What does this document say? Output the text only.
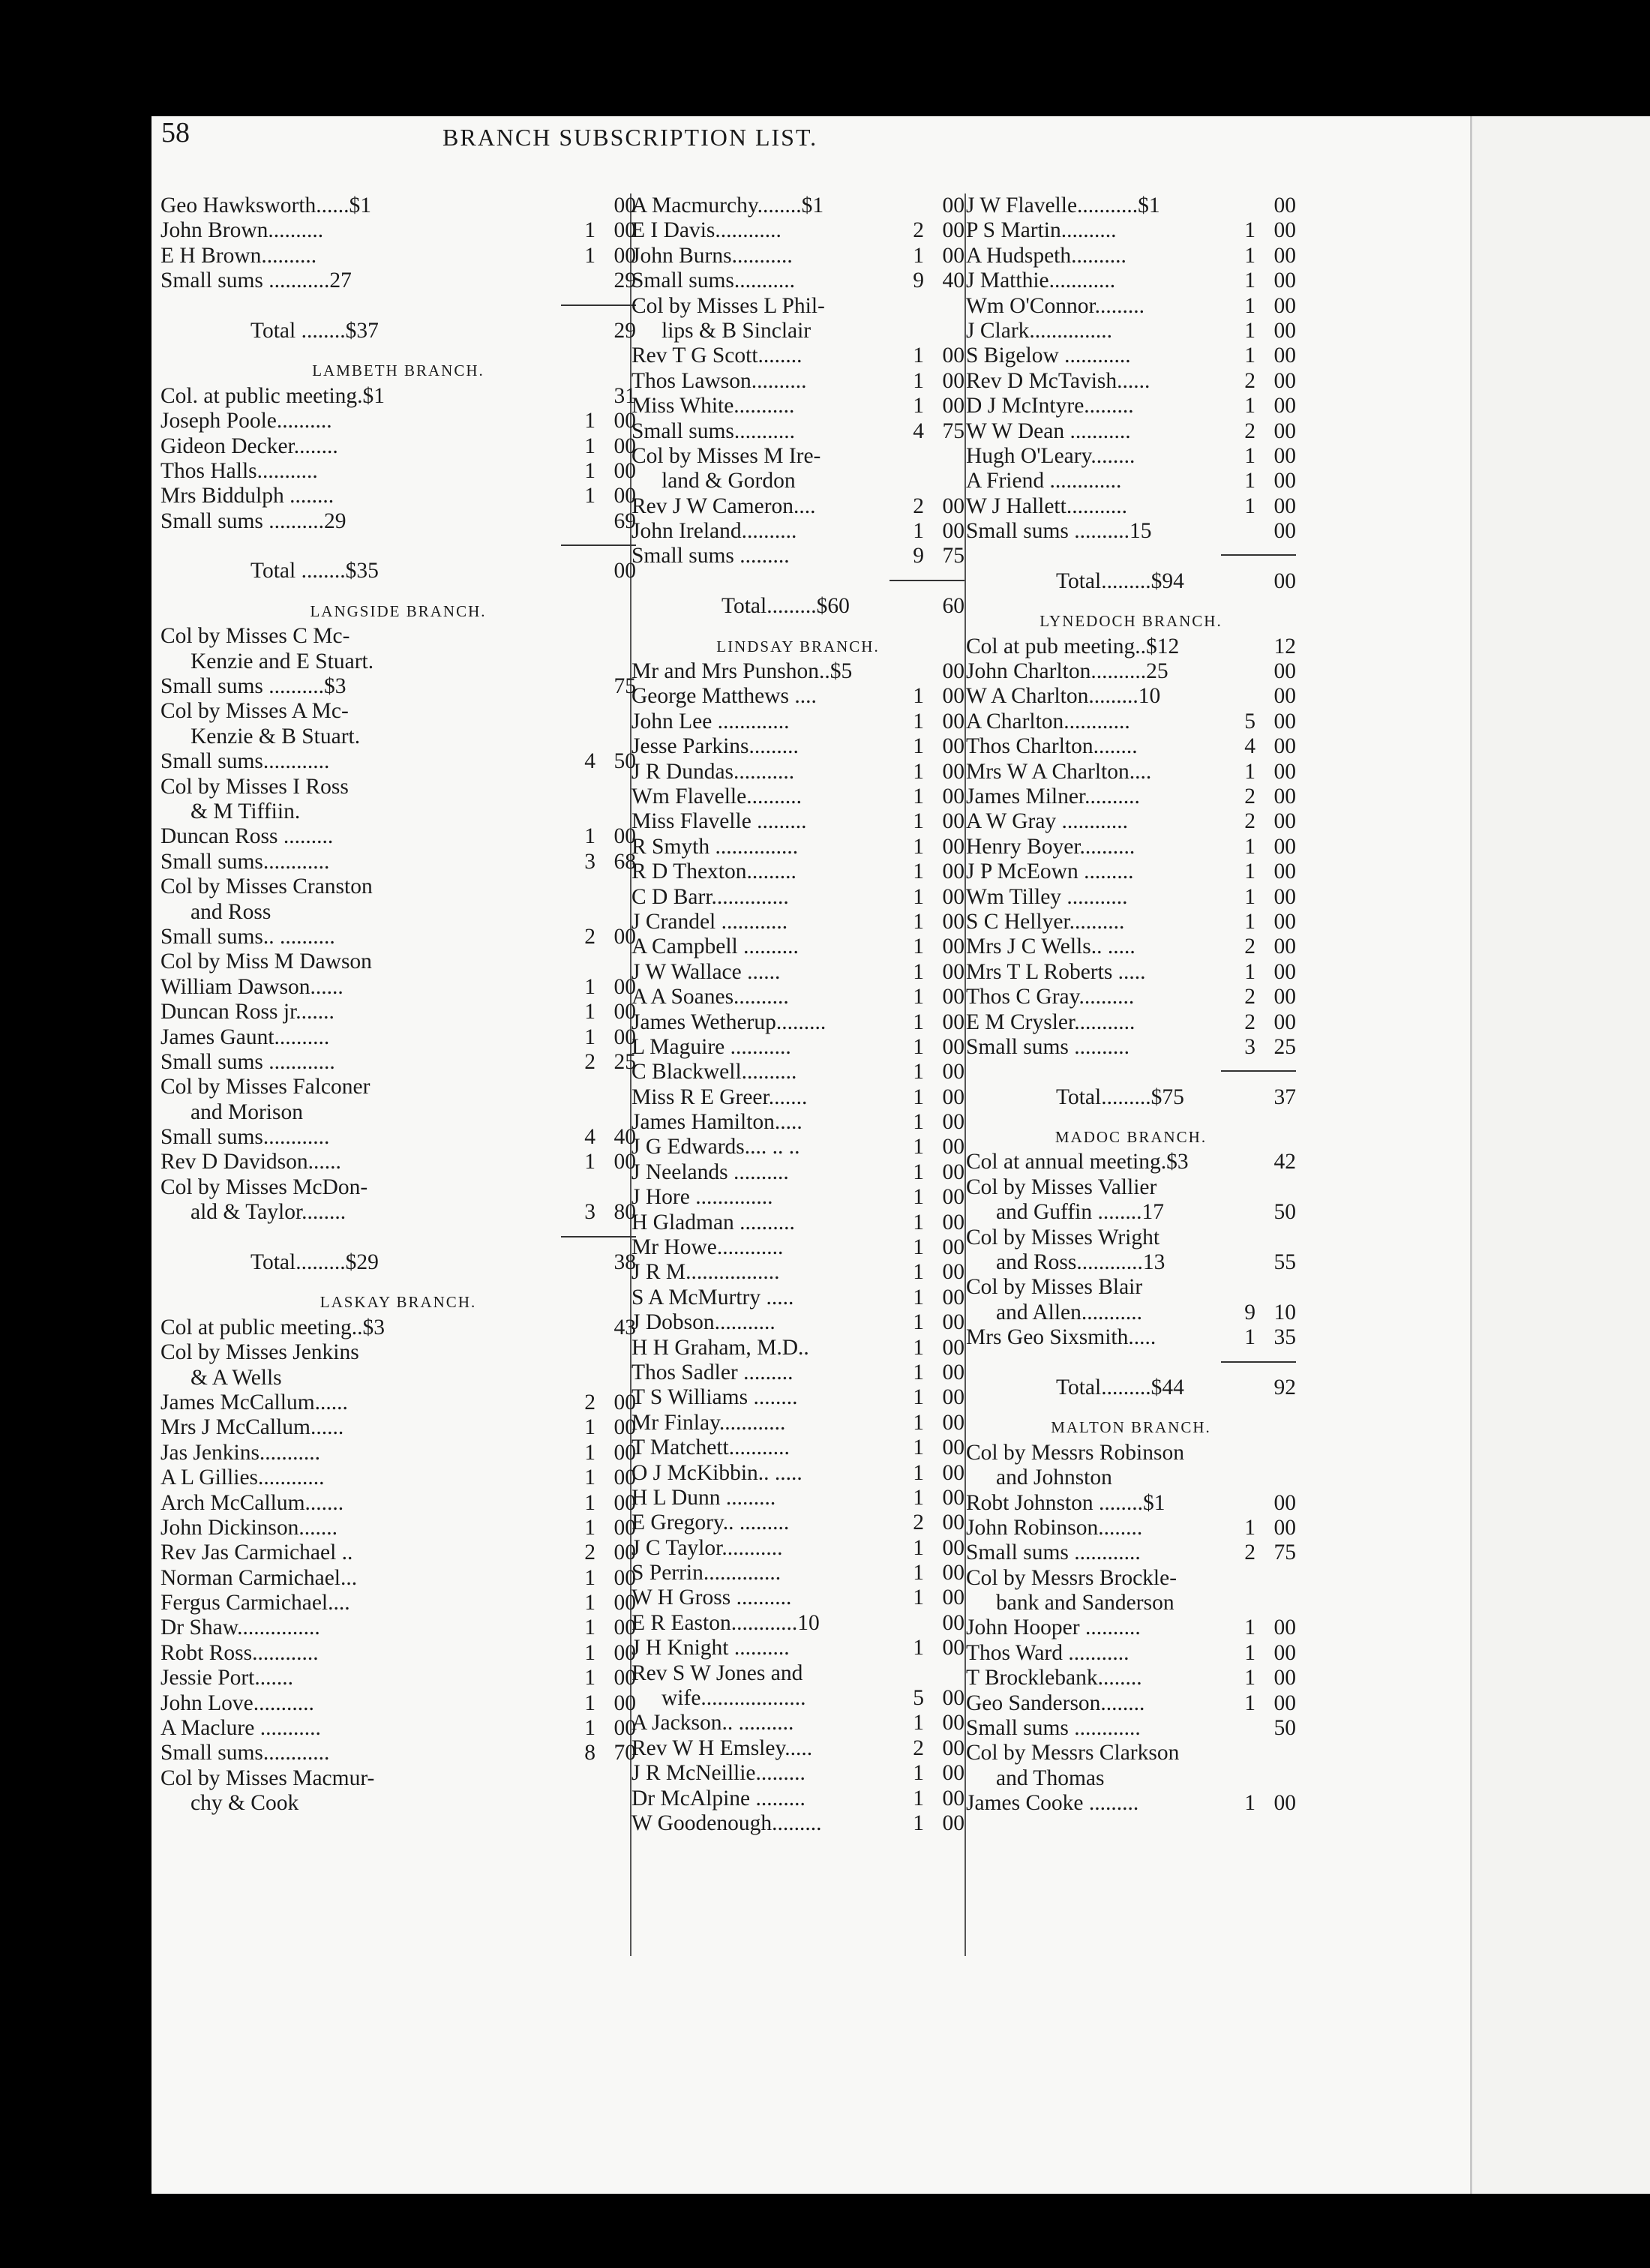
58	BRANCH SUBSCRIPTION LIST.
Geo Hawksworth......$1	00
John Brown..........	1 00
E H Brown..........	1 00
Small sums ...........27	29
Total ........$37	29
LAMBETH BRANCH.
Col. at public meeting.$1	31
Joseph Poole..........	1 00
Gideon Decker........	1 00
Thos Halls...........	1 00
Mrs Biddulph ........	1 00
Small sums ..........29	69
Total ........$35	00
LANGSIDE BRANCH.
Col by Misses C Mc-
Kenzie and E Stuart.
Small sums ..........$3	75
Col by Misses A Mc-
Kenzie & B Stuart.
Small sums............	4 50
Col by Misses I Ross
& M Tiffiin.
Duncan Ross .........	1 00
Small sums............	3 68
Col by Misses Cranston
and Ross
Small sums.. ..........	2 00
Col by Miss M Dawson
William Dawson......	1 00
Duncan Ross jr.......	1 00
James Gaunt..........	1 00
Small sums ............	2 25
Col by Misses Falconer
and Morison
Small sums............	4 40
Rev D Davidson......	1 00
Col by Misses McDon-
ald & Taylor........	3 80
Total.........$29	38
LASKAY BRANCH.
Col at public meeting..$3	43
Col by Misses Jenkins
& A Wells
James McCallum......	2 00
Mrs J McCallum......	1 00
Jas Jenkins...........	1 00
A L Gillies............	1 00
Arch McCallum.......	1 00
John Dickinson.......	1 00
Rev Jas Carmichael ..	2 00
Norman Carmichael...	1 00
Fergus Carmichael....	1 00
Dr Shaw...............	1 00
Robt Ross............	1 00
Jessie Port.......	1 00
John Love...........	1 00
A Maclure ...........	1 00
Small sums............	8 70
Col by Misses Macmur-
chy & Cook
A Macmurchy........$1	00
E I Davis............	2 00
John Burns...........	1 00
Small sums...........	9 40
Col by Misses L Phil-
lips & B Sinclair
Rev T G Scott........	1 00
Thos Lawson..........	1 00
Miss White...........	1 00
Small sums...........	4 75
Col by Misses M Ire-
land & Gordon
Rev J W Cameron....	2 00
John Ireland..........	1 00
Small sums .........	9 75
Total.........$60	60
LINDSAY BRANCH.
Mr and Mrs Punshon..$5	00
George Matthews ....	1 00
John Lee .............	1 00
Jesse Parkins.........	1 00
J R Dundas...........	1 00
Wm Flavelle..........	1 00
Miss Flavelle .........	1 00
R Smyth ...............	1 00
R D Thexton.........	1 00
C D Barr..............	1 00
J Crandel ............	1 00
A Campbell ..........	1 00
J W Wallace ......	1 00
A A Soanes..........	1 00
James Wetherup.........	1 00
L Maguire ...........	1 00
C Blackwell..........	1 00
Miss R E Greer.......	1 00
James Hamilton.....	1 00
J G Edwards.... .. ..	1 00
J Neelands ..........	1 00
J Hore ..............	1 00
H Gladman ..........	1 00
Mr Howe............	1 00
J R M.................	1 00
S A McMurtry .....	1 00
J Dobson...........	1 00
H H Graham, M.D..	1 00
Thos Sadler .........	1 00
T S Williams ........	1 00
Mr Finlay............	1 00
T Matchett...........	1 00
O J McKibbin.. .....	1 00
H L Dunn .........	1 00
E Gregory.. .........	2 00
J C Taylor...........	1 00
S Perrin..............	1 00
W H Gross ..........	1 00
E R Easton............10	00
J H Knight ..........	1 00
Rev S W Jones and
wife...................	5 00
A Jackson.. ..........	1 00
Rev W H Emsley.....	2 00
J R McNeillie.........	1 00
Dr McAlpine .........	1 00
W Goodenough.........	1 00
J W Flavelle...........$1	00
P S Martin..........	1 00
A Hudspeth..........	1 00
J Matthie............	1 00
Wm O'Connor.........	1 00
J Clark...............	1 00
S Bigelow ............	1 00
Rev D McTavish......	2 00
D J McIntyre.........	1 00
W W Dean ...........	2 00
Hugh O'Leary........	1 00
A Friend .............	1 00
W J Hallett...........	1 00
Small sums ..........15	00
Total.........$94	00
LYNEDOCH BRANCH.
Col at pub meeting..$12	12
John Charlton..........25	00
W A Charlton.........10	00
A Charlton............	5 00
Thos Charlton........	4 00
Mrs W A Charlton....	1 00
James Milner..........	2 00
A W Gray ............	2 00
Henry Boyer..........	1 00
J P McEown .........	1 00
Wm Tilley ...........	1 00
S C Hellyer..........	1 00
Mrs J C Wells.. .....	2 00
Mrs T L Roberts .....	1 00
Thos C Gray..........	2 00
E M Crysler...........	2 00
Small sums ..........	3 25
Total.........$75	37
MADOC BRANCH.
Col at annual meeting.$3	42
Col by Misses Vallier
and Guffin ........17	50
Col by Misses Wright
and Ross............13	55
Col by Misses Blair
and Allen...........	9 10
Mrs Geo Sixsmith.....	1 35
Total.........$44	92
MALTON BRANCH.
Col by Messrs Robinson
and Johnston
Robt Johnston ........$1	00
John Robinson........	1 00
Small sums ............	2 75
Col by Messrs Brockle-
bank and Sanderson
John Hooper ..........	1 00
Thos Ward ...........	1 00
T Brocklebank........	1 00
Geo Sanderson........	1 00
Small sums ............	50
Col by Messrs Clarkson
and Thomas
James Cooke .........	1 00
